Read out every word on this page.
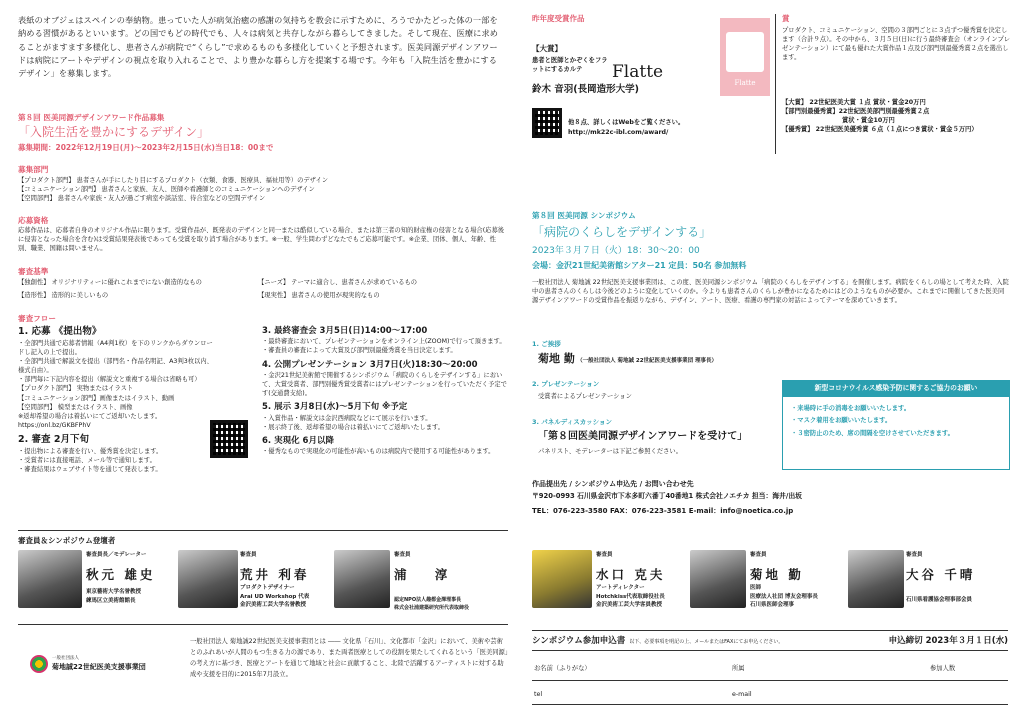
表紙のオブジェはスペインの奉納物。患っていた人が病気治癒の感謝の気持ちを教会に示すために、ろうでかたどった体の一部を納める習慣があるといいます。どの国でもどの時代でも、人々は病気と共存しながら暮らしてきました。そして現在、医療に求めることがますます多様化し、患者さんが病院で“くらし”で求めるものも多様化していくと予想されます。医美同源デザインアワードは病院にアートやデザインの視点を取り入れることで、より豊かな暮らし方を提案する場です。今年も「入院生活を豊かにするデザイン」を募集します。
第８回 医美同源デザインアワード作品募集
「入院生活を豊かにするデザイン」
募集期間：2022年12月19日(月)〜2023年2月15日(水)当日18：00まで
募集部門
【プロダクト部門】 患者さんが手にしたり目にするプロダクト（衣類、食器、医療具、福祉用等）のデザイン
【コミュニケーション部門】 患者さんと家族、友人、医師や看護師とのコミュニケーションへのデザイン
【空間部門】 患者さんや家族・友人が過ごす病室や談話室、待合室などの空間デザイン
応募資格
応募作品は、応募者自身のオリジナル作品に限ります。受賞作品が、既発表のデザインと同一または酷似している場合、または第三者の知的財産権の侵害となる場合(応募後に侵害となった場合を含む)は受賞結果発表後であっても受賞を取り消す場合があります。※一般、学生問わずどなたでもご応募可能です。※企業、団体、個人、年齢、性別、職業、国籍は問いません。
審査基準
【独創性】 オリジナリティーに優れこれまでにない創造的なもの	【ニーズ】 テーマに適合し、患者さんが求めているもの
【造形性】 造形的に美しいもの	【現実性】 患者さんの使用が現実的なもの
審査フロー
1. 応募 《提出物》
・全部門共通で応募者情報（A4判1枚）を下のリンクからダウンロードし記入の上で提出。
・全部門共通で解説文を提出（部門名・作品名明記、A3判3枚以内、様式自由）。
・部門毎に下記内容を提出（解説文と重複する場合は省略も可）
【プロダクト部門】 実物またはイラスト
【コミュニケーション部門】画像またはイラスト、動画
【空間部門】 模型またはイラスト、画像
※返却希望の場合は着払いにてご返却いたします。
https://onl.bz/GKBFPhV
2. 審査 2月下旬
・提出物による審査を行い、優秀賞を決定します。
・受賞者には直接電話、メール等で通知します。
・審査結果はウェブサイト等を通じて発表します。
3. 最終審査会 3月5日(日)14:00〜17:00
・最終審査において、プレゼンテーションをオンライン上(ZOOM)で行って頂きます。
・審査員の審査によって大賞及び部門別最優秀賞を当日決定します。
4. 公開プレゼンテーション 3月7日(火)18:30〜20:00
・金沢21世紀美術館で開催するシンポジウム「病院のくらしをデザインする」において、大賞受賞者、部門別優秀賞受賞者にはプレゼンテーションを行っていただく予定です(交通費支給)。
5. 展示 3月8日(水)〜5月下旬 ※予定
・入賞作品・解説文は金沢西病院などにて展示を行います。
・展示終了後、返却希望の場合は着払いにてご返却いたします。
6. 実現化 6月以降
・優秀なもので実現化の可能性が高いものは病院内で使用する可能性があります。
昨年度受賞作品
【大賞】
患者と医師とかぞくをフラットにするカルテ	Flatte
鈴木 音羽(長岡造形大学)
Flatte
他８点、詳しくはWebをご覧ください。
http://mk22c-ibl.com/award/
賞
プロダクト、コミュニケーション、空間の３部門ごとに３点ずつ優秀賞を決定します（合計９点）。その中から、３月５日(日)に行う最終審査会（オンラインプレゼンテーション）にて最も優れた大賞作品１点及び部門別最優秀賞２点を選出します。
【大賞】 22世紀医美大賞 １点 賞状・賞金20万円
【部門別最優秀賞】22世紀医美部門別最優秀賞２点
賞状・賞金10万円
【優秀賞】 22世紀医美優秀賞 ６点（１点につき賞状・賞金５万円）
第８回 医美同源 シンポジウム
「病院のくらしをデザインする」
2023年３月７日（火）18：30〜20：00
会場：金沢21世紀美術館シアター21 定員：50名 参加無料
一般社団法人 菊地誠 22世紀医美支援事業団は、この度、医美同源シンポジウム「病院のくらしをデザインする」を開催します。病院をくらしの場として考えた時、入院中の患者さんのくらしは今後どのように変化していくのか。今よりも患者さんのくらしが豊かになるためにはどのようなものが必要か。これまでに開催してきた医美同源デザインアワードの受賞作品を振返りながら、デザイン、アート、医療、看護の専門家の対話によってテーマを深めていきます。
1. ご挨拶
菊地 勤 （一般社団法人 菊地誠 22世紀医美支援事業団 理事長）
2. プレゼンテーション
受賞者によるプレゼンテーション
3. パネルディスカッション
「第８回医美同源デザインアワードを受けて」
パネリスト、モデレーターは下記ご参照ください。
新型コロナウイルス感染予防に関するご協力のお願い
・来場時に手の消毒をお願いいたします。
・マスク着用をお願いいたします。
・３密防止のため、席の間隔を空けさせていただきます。
作品提出先 / シンポジウム申込先 / お問い合わせ先
〒920-0993 石川県金沢市下本多町六番丁40番地1 株式会社ノエチカ 担当：海井/出坂
TEL：076-223-3580 FAX：076-223-3581 E-mail：info@noetica.co.jp
審査員＆シンポジウム登壇者
審査員長／モデレーター
秋元 雄史
東京藝術大学名誉教授
練馬区立美術館館長
審査員
荒井 利春
プロダクトデザイナー
Arai UD Workshop 代表
金沢美術工芸大学名誉教授
審査員
浦 淳
認定NPO法人趣都金澤理事長
株式会社浦建築研究所代表取締役
審査員
水口 克夫
アートディレクター
Hotchkiss代表取締役社長
金沢美術工芸大学客員教授
審査員
菊地 勤
医師
医療法人社団 博友会理事長
石川県医師会理事
審査員
大谷 千晴
石川県看護協会理事部会員
一般社団法人
菊地誠22世紀医美支援事業団
一般社団法人 菊地誠22世紀医美支援事業団とは ―― 文化県「石川」、文化都市「金沢」において、美術や芸術とのふれあいが人間のもつ生きる力の源であり、また両者医療としての役割を果たしてくれるという「医美同源」の考え方に基づき、医療とアートを通じて地域と社会に貢献すること、北陸で活躍するアーティストに対する助成や支援を目的に2015年7月設立。
シンポジウム参加申込書 以下、必要事項を明記の上、メールまたはFAXにてお申込ください。	申込締切 2023年３月１日(水)
お名前（ふりがな）	所属	参加人数
tel	e-mail
